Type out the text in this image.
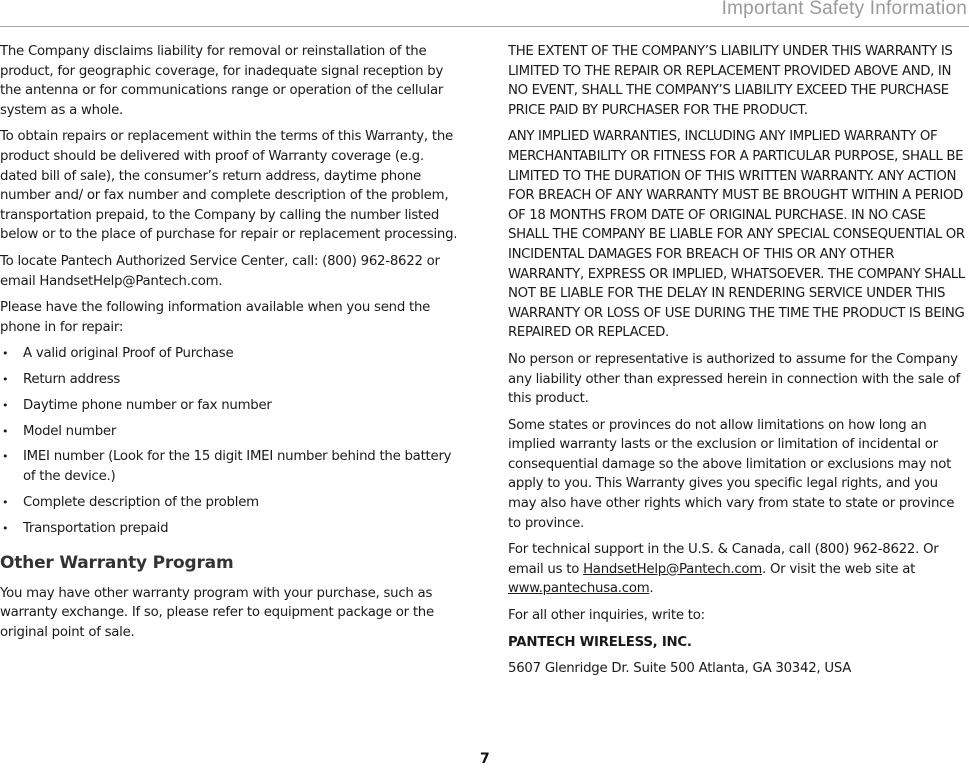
Important Safety Information

The Company disclaims liability for removal or reinstallation of the product, for geographic coverage, for inadequate signal reception by the antenna or for communications range or operation of the cellular system as a whole.

To obtain repairs or replacement within the terms of this Warranty, the product should be delivered with proof of Warranty coverage (e.g. dated bill of sale), the consumer’s return address, daytime phone number and/ or fax number and complete description of the problem, transportation prepaid, to the Company by calling the number listed below or to the place of purchase for repair or replacement processing.

To locate Pantech Authorized Service Center, call: (800) 962-8622 or email HandsetHelp@Pantech.com.

Please have the following information available when you send the phone in for repair:

• A valid original Proof of Purchase
• Return address
• Daytime phone number or fax number
• Model number
• IMEI number (Look for the 15 digit IMEI number behind the battery of the device.)
• Complete description of the problem
• Transportation prepaid
Other Warranty Program

You may have other warranty program with your purchase, such as warranty exchange. If so, please refer to equipment package or the original point of sale.

THE EXTENT OF THE COMPANY’S LIABILITY UNDER THIS WARRANTY IS LIMITED TO THE REPAIR OR REPLACEMENT PROVIDED ABOVE AND, IN NO EVENT, SHALL THE COMPANY’S LIABILITY EXCEED THE PURCHASE PRICE PAID BY PURCHASER FOR THE PRODUCT.

ANY IMPLIED WARRANTIES, INCLUDING ANY IMPLIED WARRANTY OF MERCHANTABILITY OR FITNESS FOR A PARTICULAR PURPOSE, SHALL BE LIMITED TO THE DURATION OF THIS WRITTEN WARRANTY. ANY ACTION FOR BREACH OF ANY WARRANTY MUST BE BROUGHT WITHIN A PERIOD OF 18 MONTHS FROM DATE OF ORIGINAL PURCHASE. IN NO CASE SHALL THE COMPANY BE LIABLE FOR ANY SPECIAL CONSEQUENTIAL OR INCIDENTAL DAMAGES FOR BREACH OF THIS OR ANY OTHER WARRANTY, EXPRESS OR IMPLIED, WHATSOEVER. THE COMPANY SHALL NOT BE LIABLE FOR THE DELAY IN RENDERING SERVICE UNDER THIS WARRANTY OR LOSS OF USE DURING THE TIME THE PRODUCT IS BEING REPAIRED OR REPLACED.

No person or representative is authorized to assume for the Company any liability other than expressed herein in connection with the sale of this product.

Some states or provinces do not allow limitations on how long an implied warranty lasts or the exclusion or limitation of incidental or consequential damage so the above limitation or exclusions may not apply to you. This Warranty gives you specific legal rights, and you may also have other rights which vary from state to state or province to province.

For technical support in the U.S. & Canada, call (800) 962-8622. Or email us to HandsetHelp@Pantech.com. Or visit the web site at www.pantechusa.com.

For all other inquiries, write to:

PANTECH WIRELESS, INC.

5607 Glenridge Dr. Suite 500 Atlanta, GA 30342, USA

7
